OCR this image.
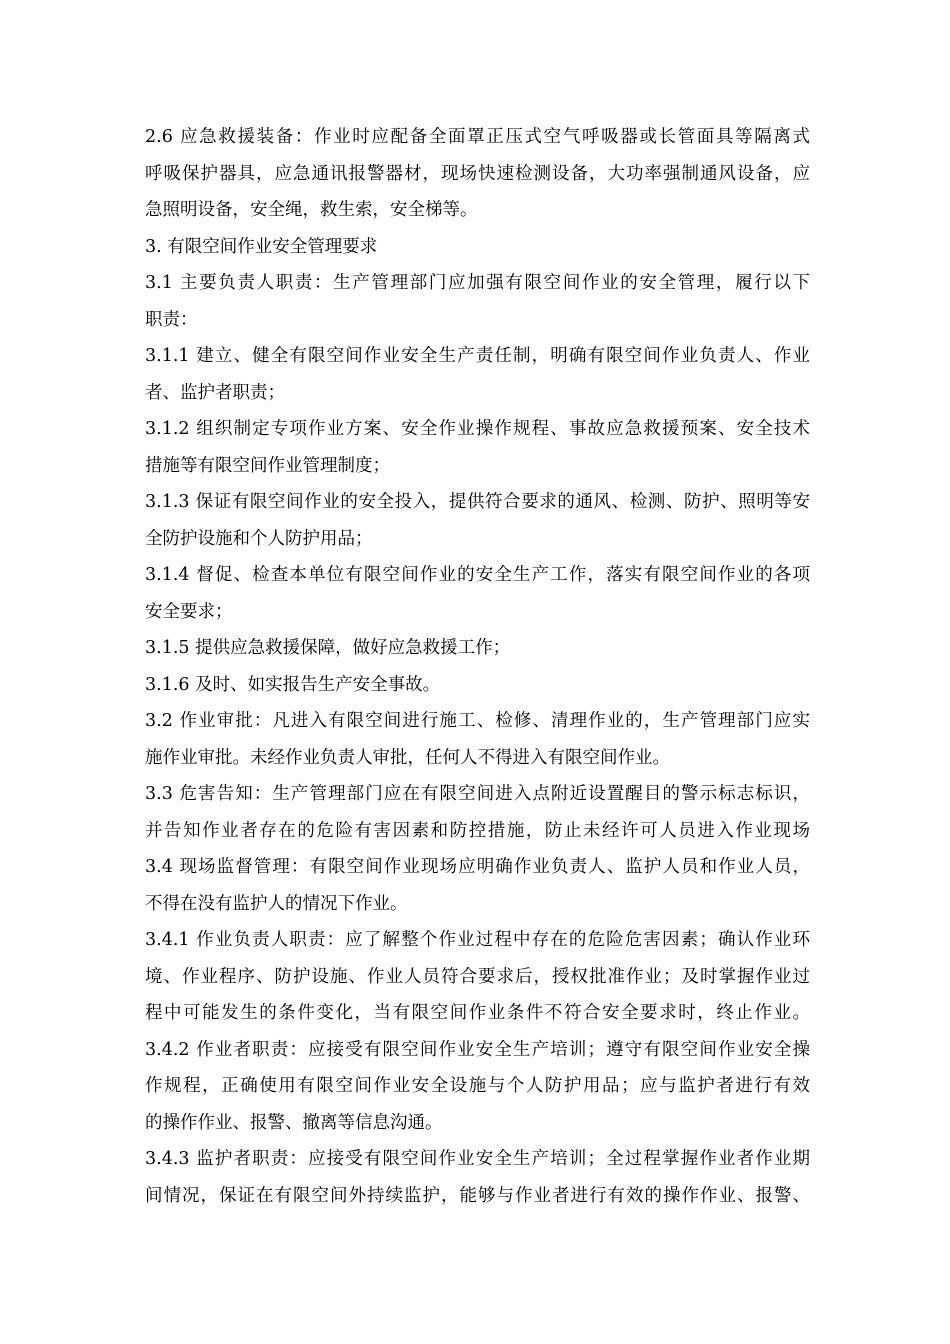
2.6 应急救援装备：作业时应配备全面罩正压式空气呼吸器或长管面具等隔离式
呼吸保护器具，应急通讯报警器材，现场快速检测设备，大功率强制通风设备，应
急照明设备，安全绳，救生索，安全梯等。
3. 有限空间作业安全管理要求
3.1 主要负责人职责：生产管理部门应加强有限空间作业的安全管理，履行以下
职责：
3.1.1 建立、健全有限空间作业安全生产责任制，明确有限空间作业负责人、作业
者、监护者职责；
3.1.2 组织制定专项作业方案、安全作业操作规程、事故应急救援预案、安全技术
措施等有限空间作业管理制度；
3.1.3 保证有限空间作业的安全投入，提供符合要求的通风、检测、防护、照明等安
全防护设施和个人防护用品；
3.1.4 督促、检查本单位有限空间作业的安全生产工作，落实有限空间作业的各项
安全要求；
3.1.5 提供应急救援保障，做好应急救援工作；
3.1.6 及时、如实报告生产安全事故。
3.2 作业审批：凡进入有限空间进行施工、检修、清理作业的，生产管理部门应实
施作业审批。未经作业负责人审批，任何人不得进入有限空间作业。
3.3 危害告知：生产管理部门应在有限空间进入点附近设置醒目的警示标志标识，
并告知作业者存在的危险有害因素和防控措施，防止未经许可人员进入作业现场
3.4 现场监督管理：有限空间作业现场应明确作业负责人、监护人员和作业人员，
不得在没有监护人的情况下作业。
3.4.1 作业负责人职责：应了解整个作业过程中存在的危险危害因素；确认作业环
境、作业程序、防护设施、作业人员符合要求后，授权批准作业；及时掌握作业过
程中可能发生的条件变化，当有限空间作业条件不符合安全要求时，终止作业。
3.4.2 作业者职责：应接受有限空间作业安全生产培训；遵守有限空间作业安全操
作规程，正确使用有限空间作业安全设施与个人防护用品；应与监护者进行有效
的操作作业、报警、撤离等信息沟通。
3.4.3 监护者职责：应接受有限空间作业安全生产培训；全过程掌握作业者作业期
间情况，保证在有限空间外持续监护，能够与作业者进行有效的操作作业、报警、
